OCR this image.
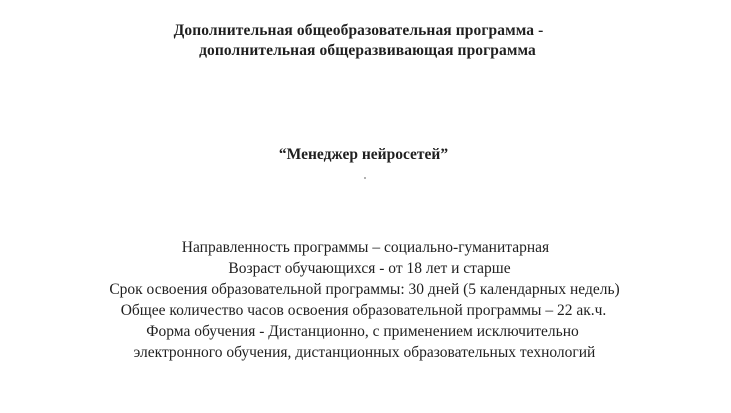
Дополнительная общеобразовательная программа -
дополнительная общеразвивающая программа
“Менеджер нейросетей”
Направленность программы – социально-гуманитарная
Возраст обучающихся - от 18 лет и старше
Срок освоения образовательной программы: 30 дней (5 календарных недель)
Общее количество часов освоения образовательной программы – 22 ак.ч.
Форма обучения - Дистанционно, с применением исключительно
электронного обучения, дистанционных образовательных технологий
